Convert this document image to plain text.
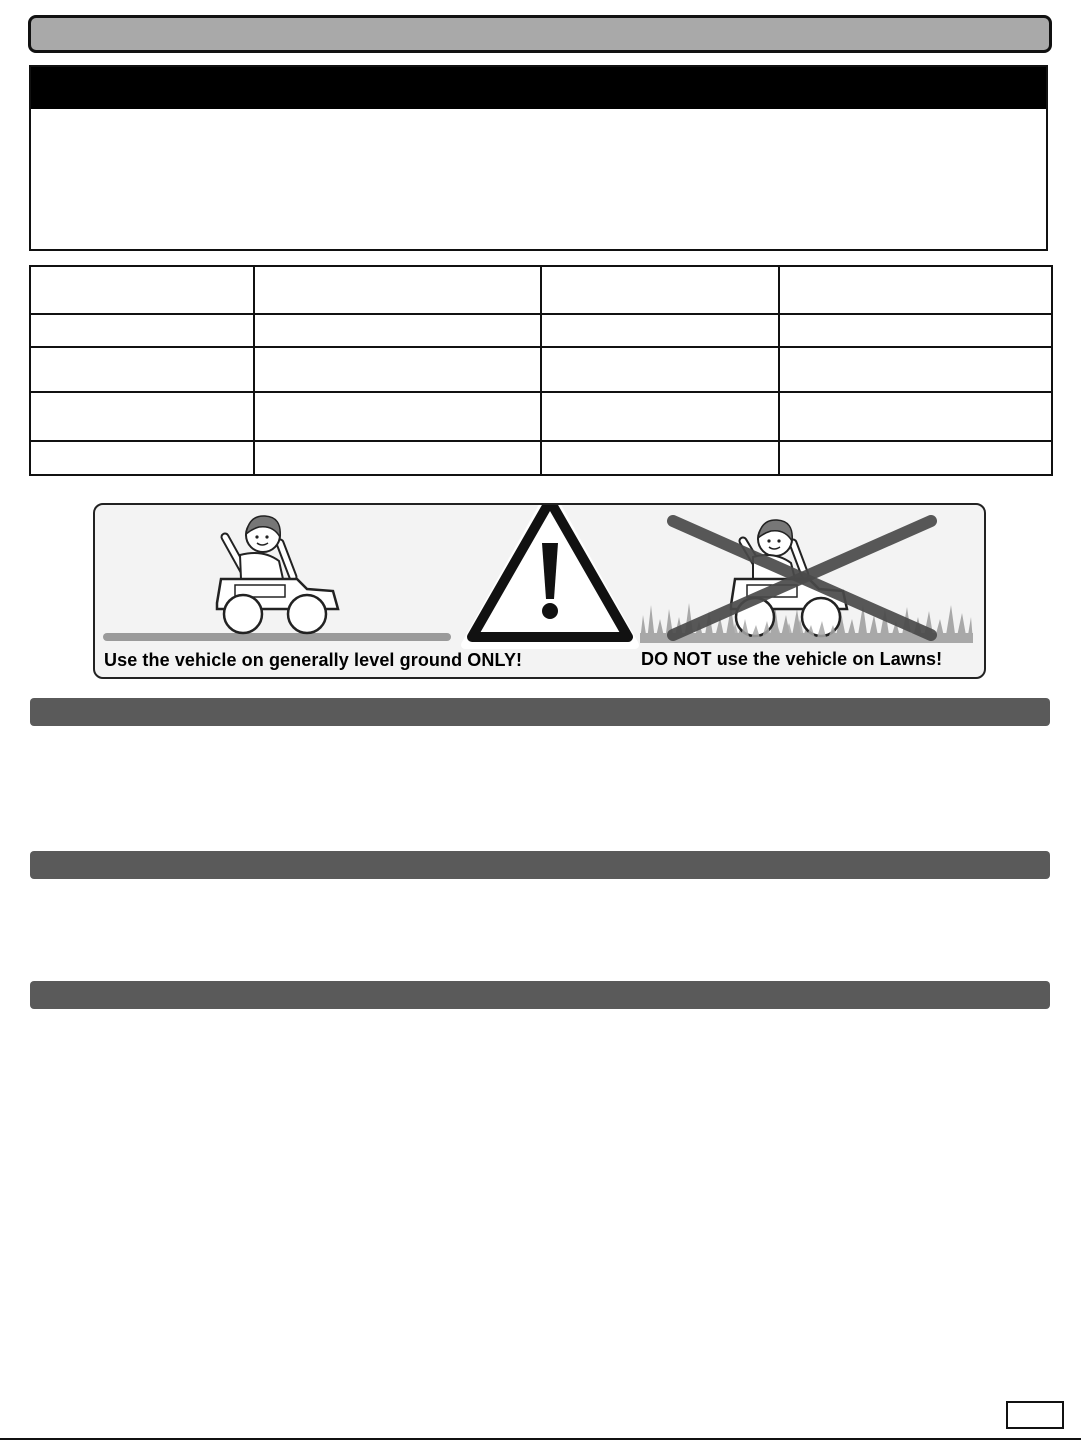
Use the vehicle on generally level ground ONLY!	DO NOT use the vehicle on Lawns!
